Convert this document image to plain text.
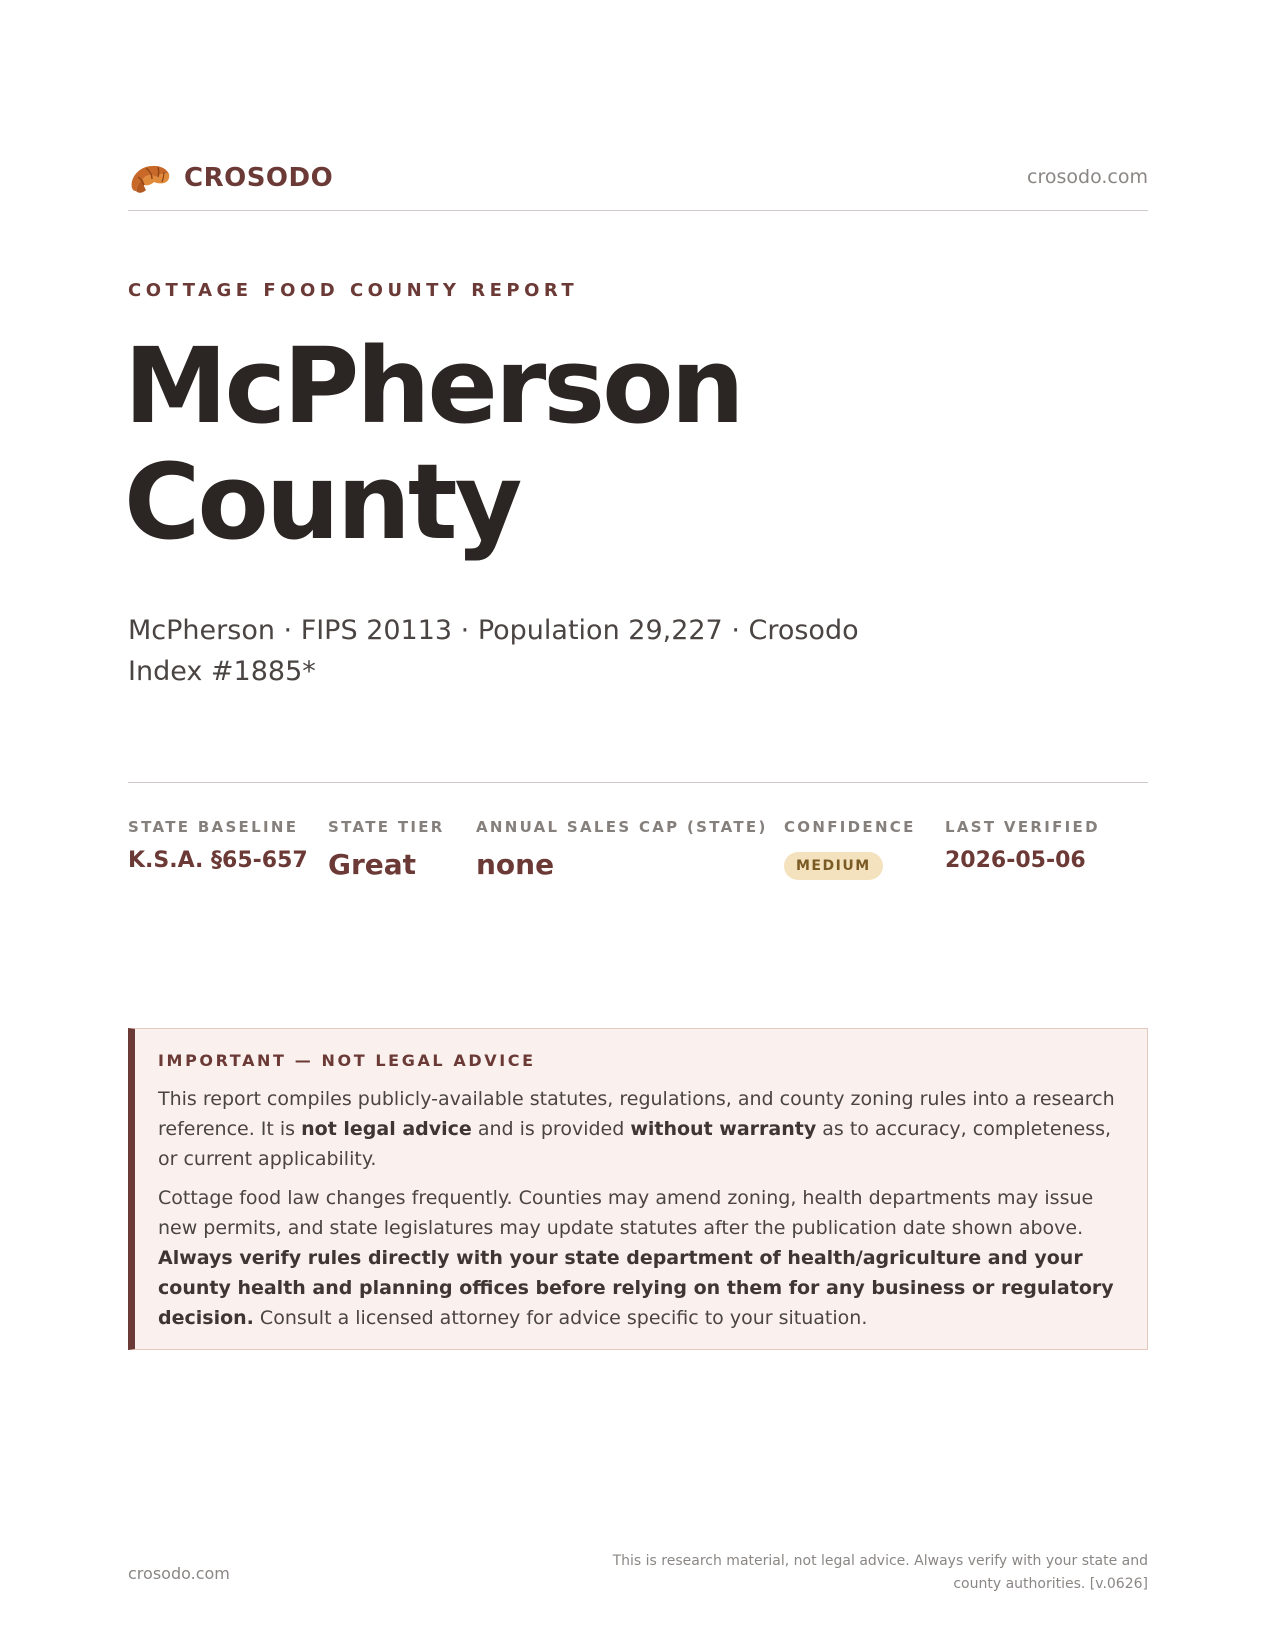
CROSODO	crosodo.com
COTTAGE FOOD COUNTY REPORT
McPherson
County
McPherson · FIPS 20113 · Population 29,227 · Crosodo Index #1885*
STATE BASELINE
K.S.A. §65-657
STATE TIER
Great
ANNUAL SALES CAP (STATE)
none
CONFIDENCE
MEDIUM
LAST VERIFIED
2026-05-06
IMPORTANT — NOT LEGAL ADVICE

This report compiles publicly-available statutes, regulations, and county zoning rules into a research reference. It is not legal advice and is provided without warranty as to accuracy, completeness, or current applicability.

Cottage food law changes frequently. Counties may amend zoning, health departments may issue new permits, and state legislatures may update statutes after the publication date shown above. Always verify rules directly with your state department of health/agriculture and your county health and planning offices before relying on them for any business or regulatory decision. Consult a licensed attorney for advice specific to your situation.

crosodo.com
This is research material, not legal advice. Always verify with your state and county authorities. [v.0626]
